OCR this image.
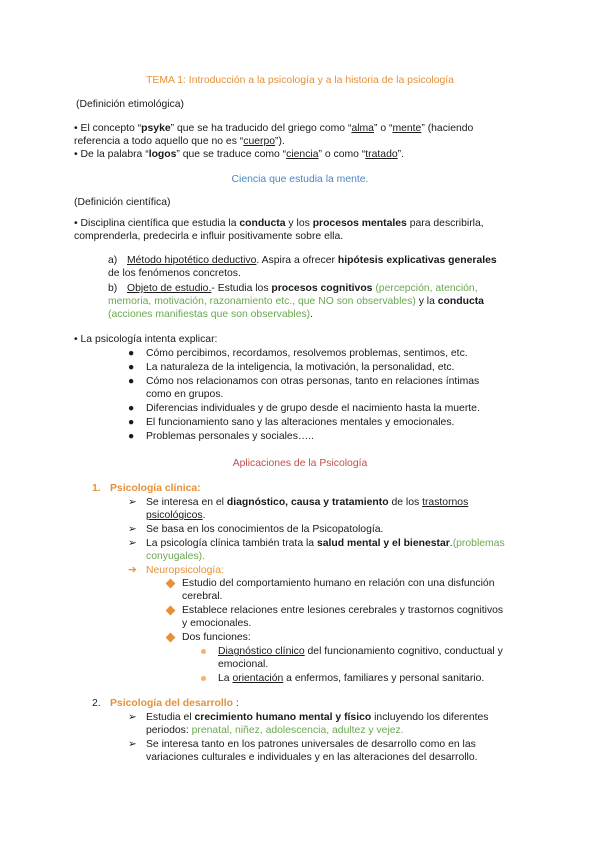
TEMA 1: Introducción a la psicología y a la historia de la psicología
(Definición etimológica)
• El concepto “psyke” que se ha traducido del griego como “alma” o “mente” (haciendo
referencia a todo aquello que no es “cuerpo”).
• De la palabra “logos” que se traduce como “ciencia” o como “tratado”.
Ciencia que estudia la mente.
(Definición científica)
• Disciplina científica que estudia la conducta y los procesos mentales para describirla,
comprenderla, predecirla e influir positivamente sobre ella.
a) Método hipotético deductivo. Aspira a ofrecer hipótesis explicativas generales
de los fenómenos concretos.
b) Objeto de estudio.- Estudia los procesos cognitivos (percepción, atención,
memoria, motivación, razonamiento etc., que NO son observables) y la conducta
(acciones manifiestas que son observables).
• La psicología intenta explicar:
● Cómo percibimos, recordamos, resolvemos problemas, sentimos, etc.
● La naturaleza de la inteligencia, la motivación, la personalidad, etc.
● Cómo nos relacionamos con otras personas, tanto en relaciones íntimas
como en grupos.
● Diferencias individuales y de grupo desde el nacimiento hasta la muerte.
● El funcionamiento sano y las alteraciones mentales y emocionales.
● Problemas personales y sociales…..
Aplicaciones de la Psicología
1. Psicología clínica:
➢ Se interesa en el diagnóstico, causa y tratamiento de los trastornos
psicológicos.
➢ Se basa en los conocimientos de la Psicopatología.
➢ La psicología clínica también trata la salud mental y el bienestar.(problemas
conyugales).
➔ Neuropsicología:
Estudio del comportamiento humano en relación con una disfunción
cerebral.
Establece relaciones entre lesiones cerebrales y trastornos cognitivos
y emocionales.
Dos funciones:
Diagnóstico clínico del funcionamiento cognitivo, conductual y
emocional.
La orientación a enfermos, familiares y personal sanitario.
2. Psicología del desarrollo :
➢ Estudia el crecimiento humano mental y físico incluyendo los diferentes
periodos: prenatal, niñez, adolescencia, adultez y vejez.
➢ Se interesa tanto en los patrones universales de desarrollo como en las
variaciones culturales e individuales y en las alteraciones del desarrollo.
